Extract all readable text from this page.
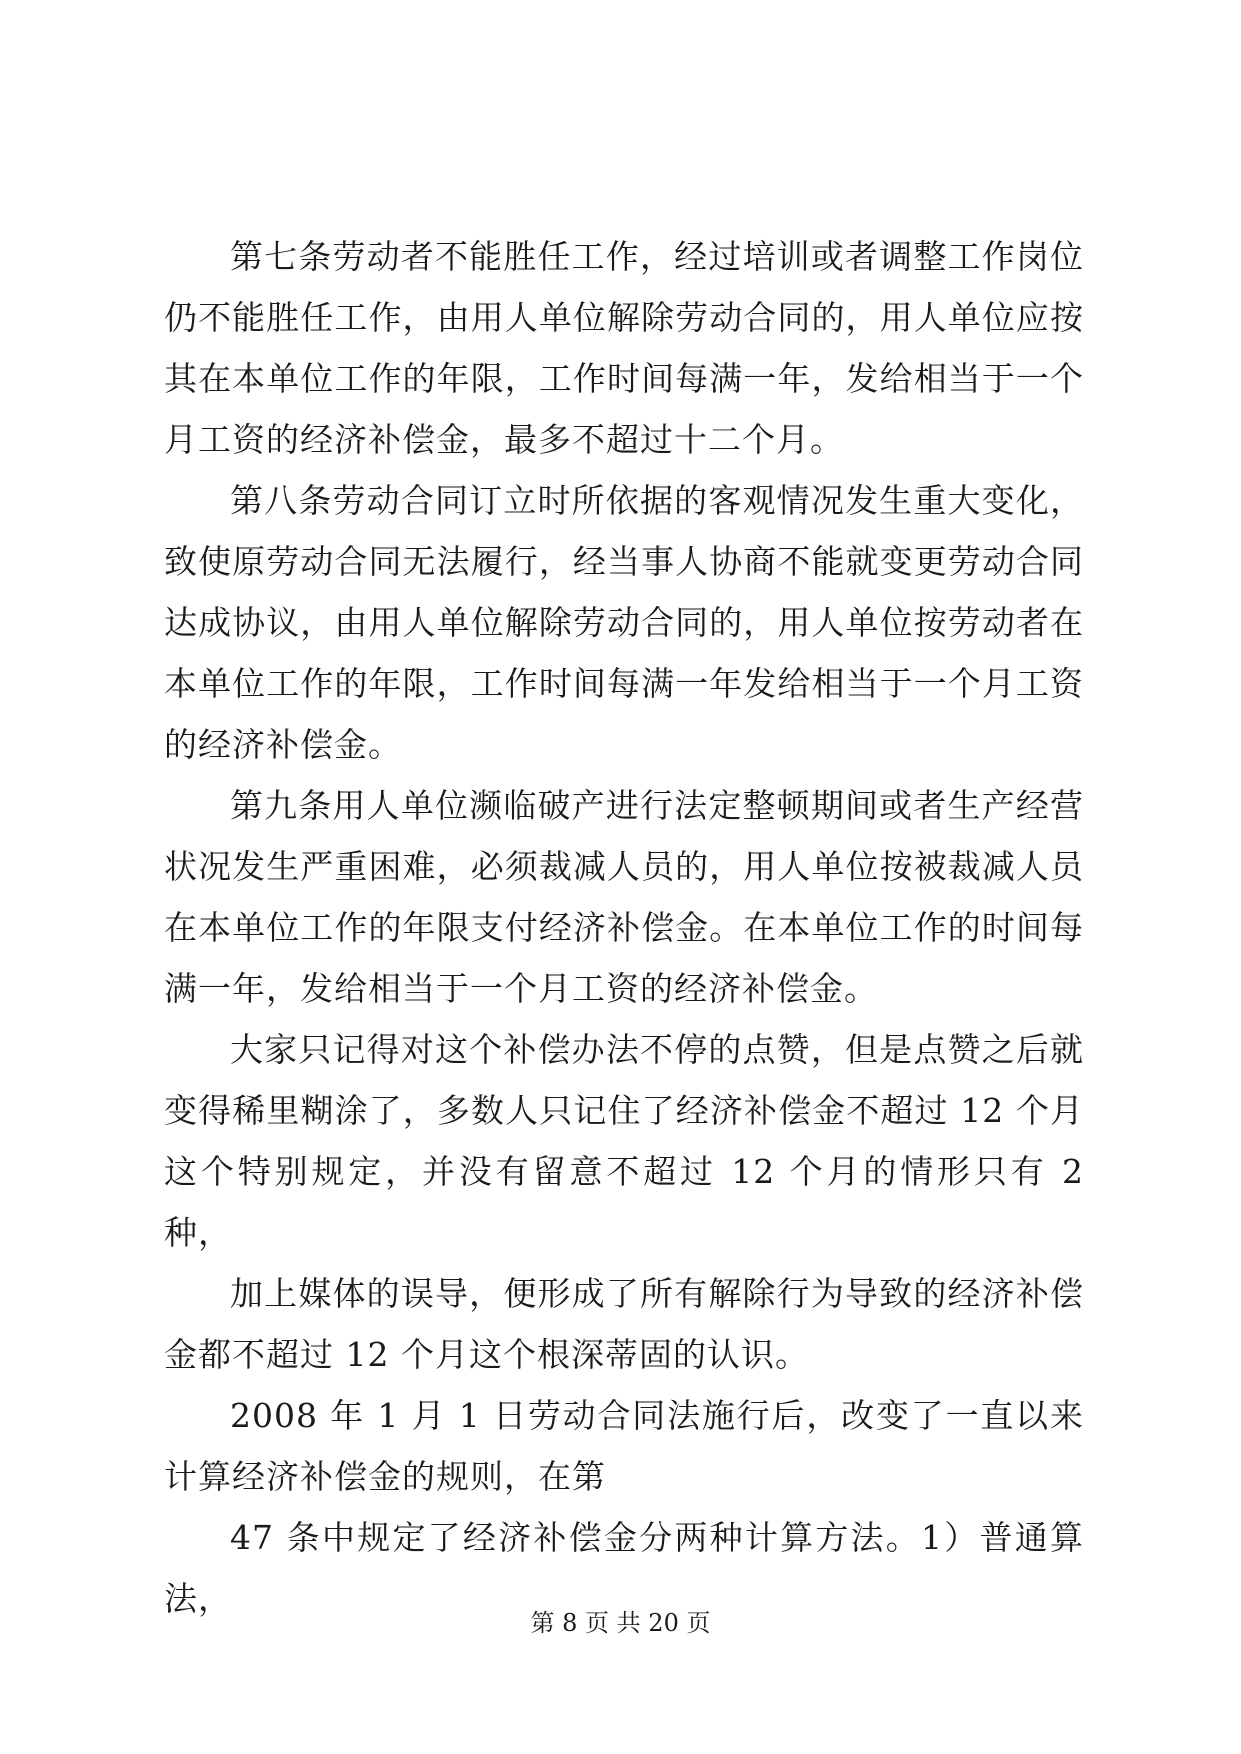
第七条劳动者不能胜任工作，经过培训或者调整工作岗位仍不能胜任工作，由用人单位解除劳动合同的，用人单位应按其在本单位工作的年限，工作时间每满一年，发给相当于一个月工资的经济补偿金，最多不超过十二个月。

第八条劳动合同订立时所依据的客观情况发生重大变化，致使原劳动合同无法履行，经当事人协商不能就变更劳动合同达成协议，由用人单位解除劳动合同的，用人单位按劳动者在本单位工作的年限，工作时间每满一年发给相当于一个月工资的经济补偿金。

第九条用人单位濒临破产进行法定整顿期间或者生产经营状况发生严重困难，必须裁减人员的，用人单位按被裁减人员在本单位工作的年限支付经济补偿金。在本单位工作的时间每满一年，发给相当于一个月工资的经济补偿金。

大家只记得对这个补偿办法不停的点赞，但是点赞之后就变得稀里糊涂了，多数人只记住了经济补偿金不超过 12 个月这个特别规定，并没有留意不超过 12 个月的情形只有 2 种，

加上媒体的误导，便形成了所有解除行为导致的经济补偿金都不超过 12 个月这个根深蒂固的认识。

2008 年 1 月 1 日劳动合同法施行后，改变了一直以来计算经济补偿金的规则，在第

47 条中规定了经济补偿金分两种计算方法。1）普通算法，

第 8 页 共 20 页
